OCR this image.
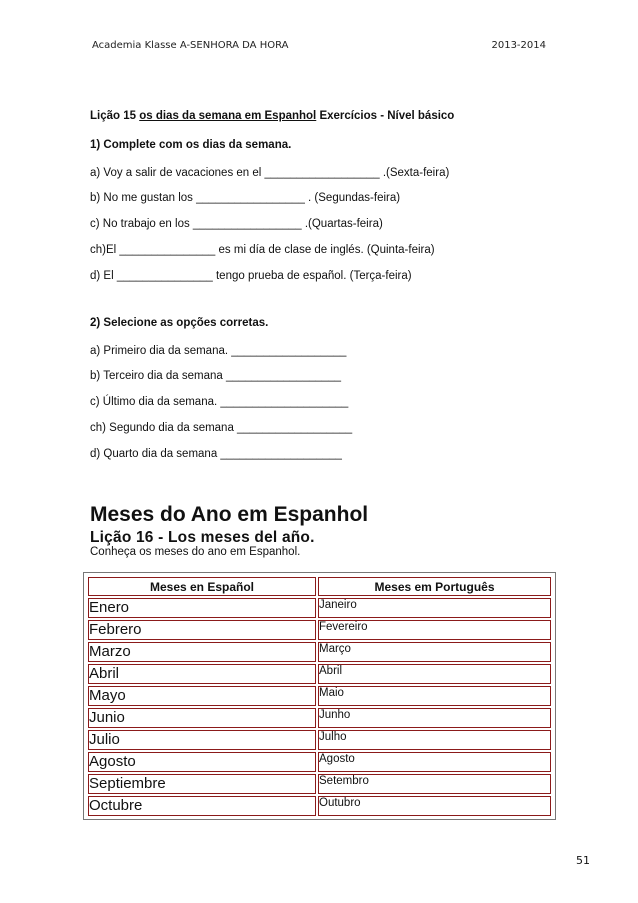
Academia Klasse A-SENHORA DA HORA	2013-2014
Lição 15 os dias da semana em Espanhol Exercícios - Nível básico
1) Complete com os dias da semana.
a) Voy a salir de vacaciones en el __________________ .(Sexta-feira)
b) No me gustan los _________________ . (Segundas-feira)
c) No trabajo en los _________________ .(Quartas-feira)
ch)El _______________ es mi día de clase de inglés. (Quinta-feira)
d) El _______________ tengo prueba de español. (Terça-feira)
2) Selecione as opções corretas.
a) Primeiro dia da semana. __________________
b) Terceiro dia da semana __________________
c) Último dia da semana. ____________________
ch) Segundo dia da semana __________________
d) Quarto dia da semana ___________________
Meses do Ano em Espanhol
Lição 16 - Los meses del año.
Conheça os meses do ano em Espanhol.
Meses en Español	Meses em Português
Enero	Janeiro
Febrero	Fevereiro
Marzo	Março
Abril	Abril
Mayo	Maio
Junio	Junho
Julio	Julho
Agosto	Agosto
Septiembre	Setembro
Octubre	Outubro
51
